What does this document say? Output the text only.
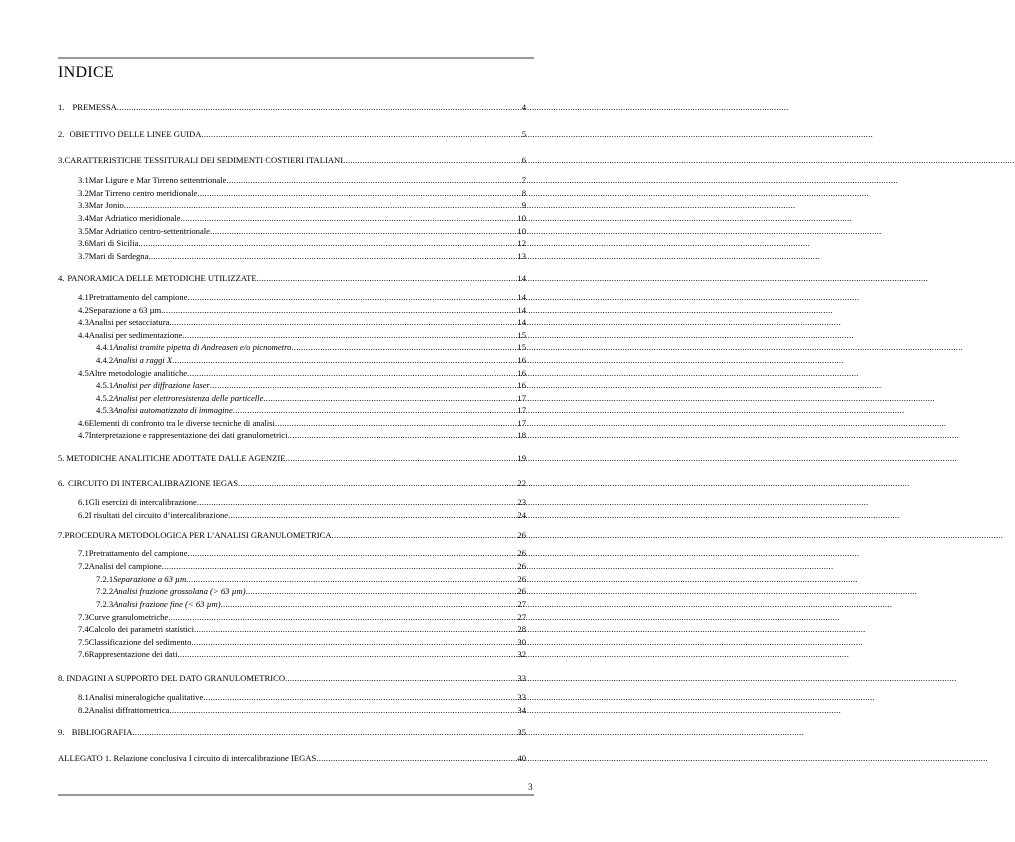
INDICE
1. PREMESSA .....	4
2. OBIETTIVO DELLE LINEE GUIDA .....	5
3. CARATTERISTICHE TESSITURALI DEI SEDIMENTI COSTIERI ITALIANI .....	6
3.1 Mar Ligure e Mar Tirreno settentrionale .....	7
3.2 Mar Tirreno centro meridionale .....	8
3.3 Mar Jonio .....	9
3.4 Mar Adriatico meridionale .....	10
3.5 Mar Adriatico centro-settentrionale .....	10
3.6 Mari di Sicilia .....	12
3.7 Mari di Sardegna .....	13
4. PANORAMICA DELLE METODICHE UTILIZZATE .....	14
4.1 Pretrattamento del campione .....	14
4.2 Separazione a 63 µm .....	14
4.3 Analisi per setacciatura .....	14
4.4 Analisi per sedimentazione .....	15
4.4.1 Analisi tramite pipetta di Andreasen e/o picnometro .....	15
4.4.2 Analisi a raggi X .....	16
4.5 Altre metodologie analitiche .....	16
4.5.1 Analisi per diffrazione laser .....	16
4.5.2 Analisi per elettroresistenza delle particelle .....	17
4.5.3 Analisi automatizzata di immagine .....	17
4.6 Elementi di confronto tra le diverse tecniche di analisi .....	17
4.7 Interpretazione e rappresentazione dei dati granulometrici .....	18
5. METODICHE ANALITICHE ADOTTATE DALLE AGENZIE .....	19
6. CIRCUITO DI INTERCALIBRAZIONE IEGAS .....	22
6.1 Gli esercizi di intercalibrazione .....	23
6.2 I risultati del circuito d’intercalibrazione .....	24
7. PROCEDURA METODOLOGICA PER L’ANALISI GRANULOMETRICA .....	26
7.1 Pretrattamento del campione .....	26
7.2 Analisi del campione .....	26
7.2.1 Separazione a 63 µm .....	26
7.2.2 Analisi frazione grossolana (> 63 µm) .....	26
7.2.3 Analisi frazione fine (< 63 µm) .....	27
7.3 Curve granulometriche .....	27
7.4 Calcolo dei parametri statistici .....	28
7.5 Classificazione del sedimento .....	30
7.6 Rappresentazione dei dati .....	32
8. INDAGINI A SUPPORTO DEL DATO GRANULOMETRICO .....	33
8.1 Analisi mineralogiche qualitative .....	33
8.2 Analisi diffrattometrica .....	34
9. BIBLIOGRAFIA .....	35
ALLEGATO 1. Relazione conclusiva I circuito di intercalibrazione IEGAS .....	40
3
